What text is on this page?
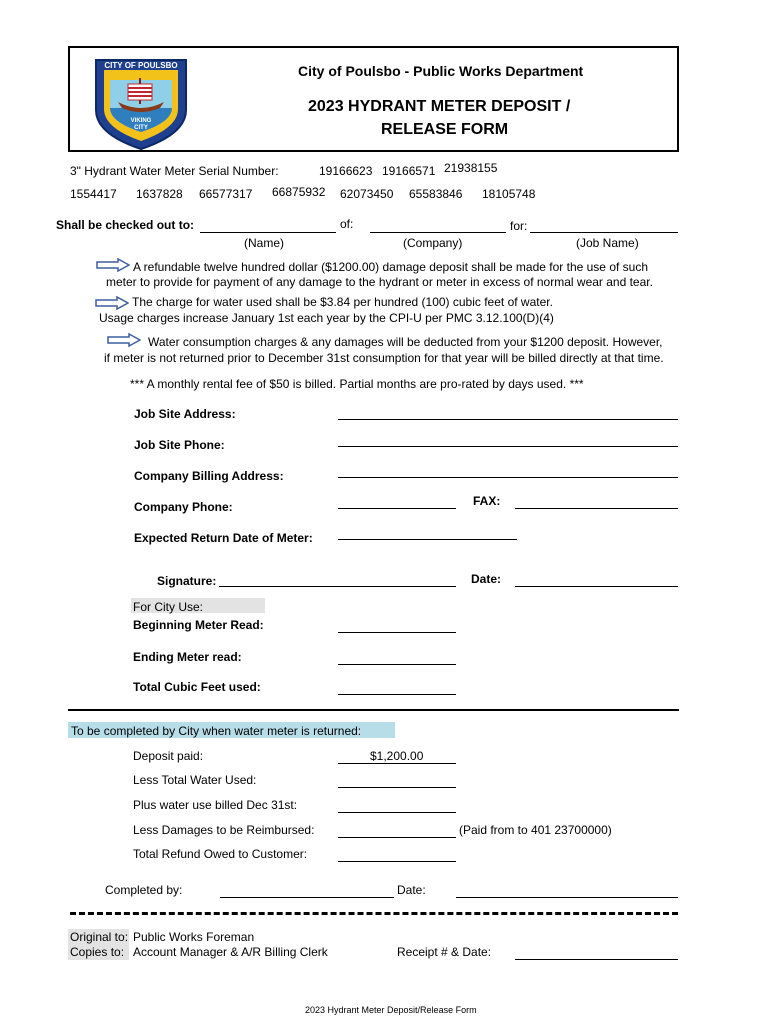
CITY OF POULSBO
VIKING
CITY
City of Poulsbo - Public Works Department
2023 HYDRANT METER DEPOSIT /
RELEASE FORM
3" Hydrant Water Meter Serial Number:	19166623 19166571 21938155
1554417 1637828 66577317 66875932 62073450 65583846 18105748
Shall be checked out to:	of:	for:
(Name)	(Company)	(Job Name)
A refundable twelve hundred dollar ($1200.00) damage deposit shall be made for the use of such
meter to provide for payment of any damage to the hydrant or meter in excess of normal wear and tear.
The charge for water used shall be $3.84 per hundred (100) cubic feet of water.
Usage charges increase January 1st each year by the CPI-U per PMC 3.12.100(D)(4)
Water consumption charges & any damages will be deducted from your $1200 deposit. However,
if meter is not returned prior to December 31st consumption for that year will be billed directly at that time.
*** A monthly rental fee of $50 is billed. Partial months are pro-rated by days used. ***
Job Site Address:
Job Site Phone:
Company Billing Address:
Company Phone:	FAX:
Expected Return Date of Meter:
Signature:	Date:
For City Use:
Beginning Meter Read:
Ending Meter read:
Total Cubic Feet used:
To be completed by City when water meter is returned:
Deposit paid:	$1,200.00
Less Total Water Used:
Plus water use billed Dec 31st:
Less Damages to be Reimbursed:	(Paid from to 401 23700000)
Total Refund Owed to Customer:
Completed by:	Date:
Original to: Public Works Foreman
Copies to: Account Manager & A/R Billing Clerk	Receipt # & Date:
2023 Hydrant Meter Deposit/Release Form
